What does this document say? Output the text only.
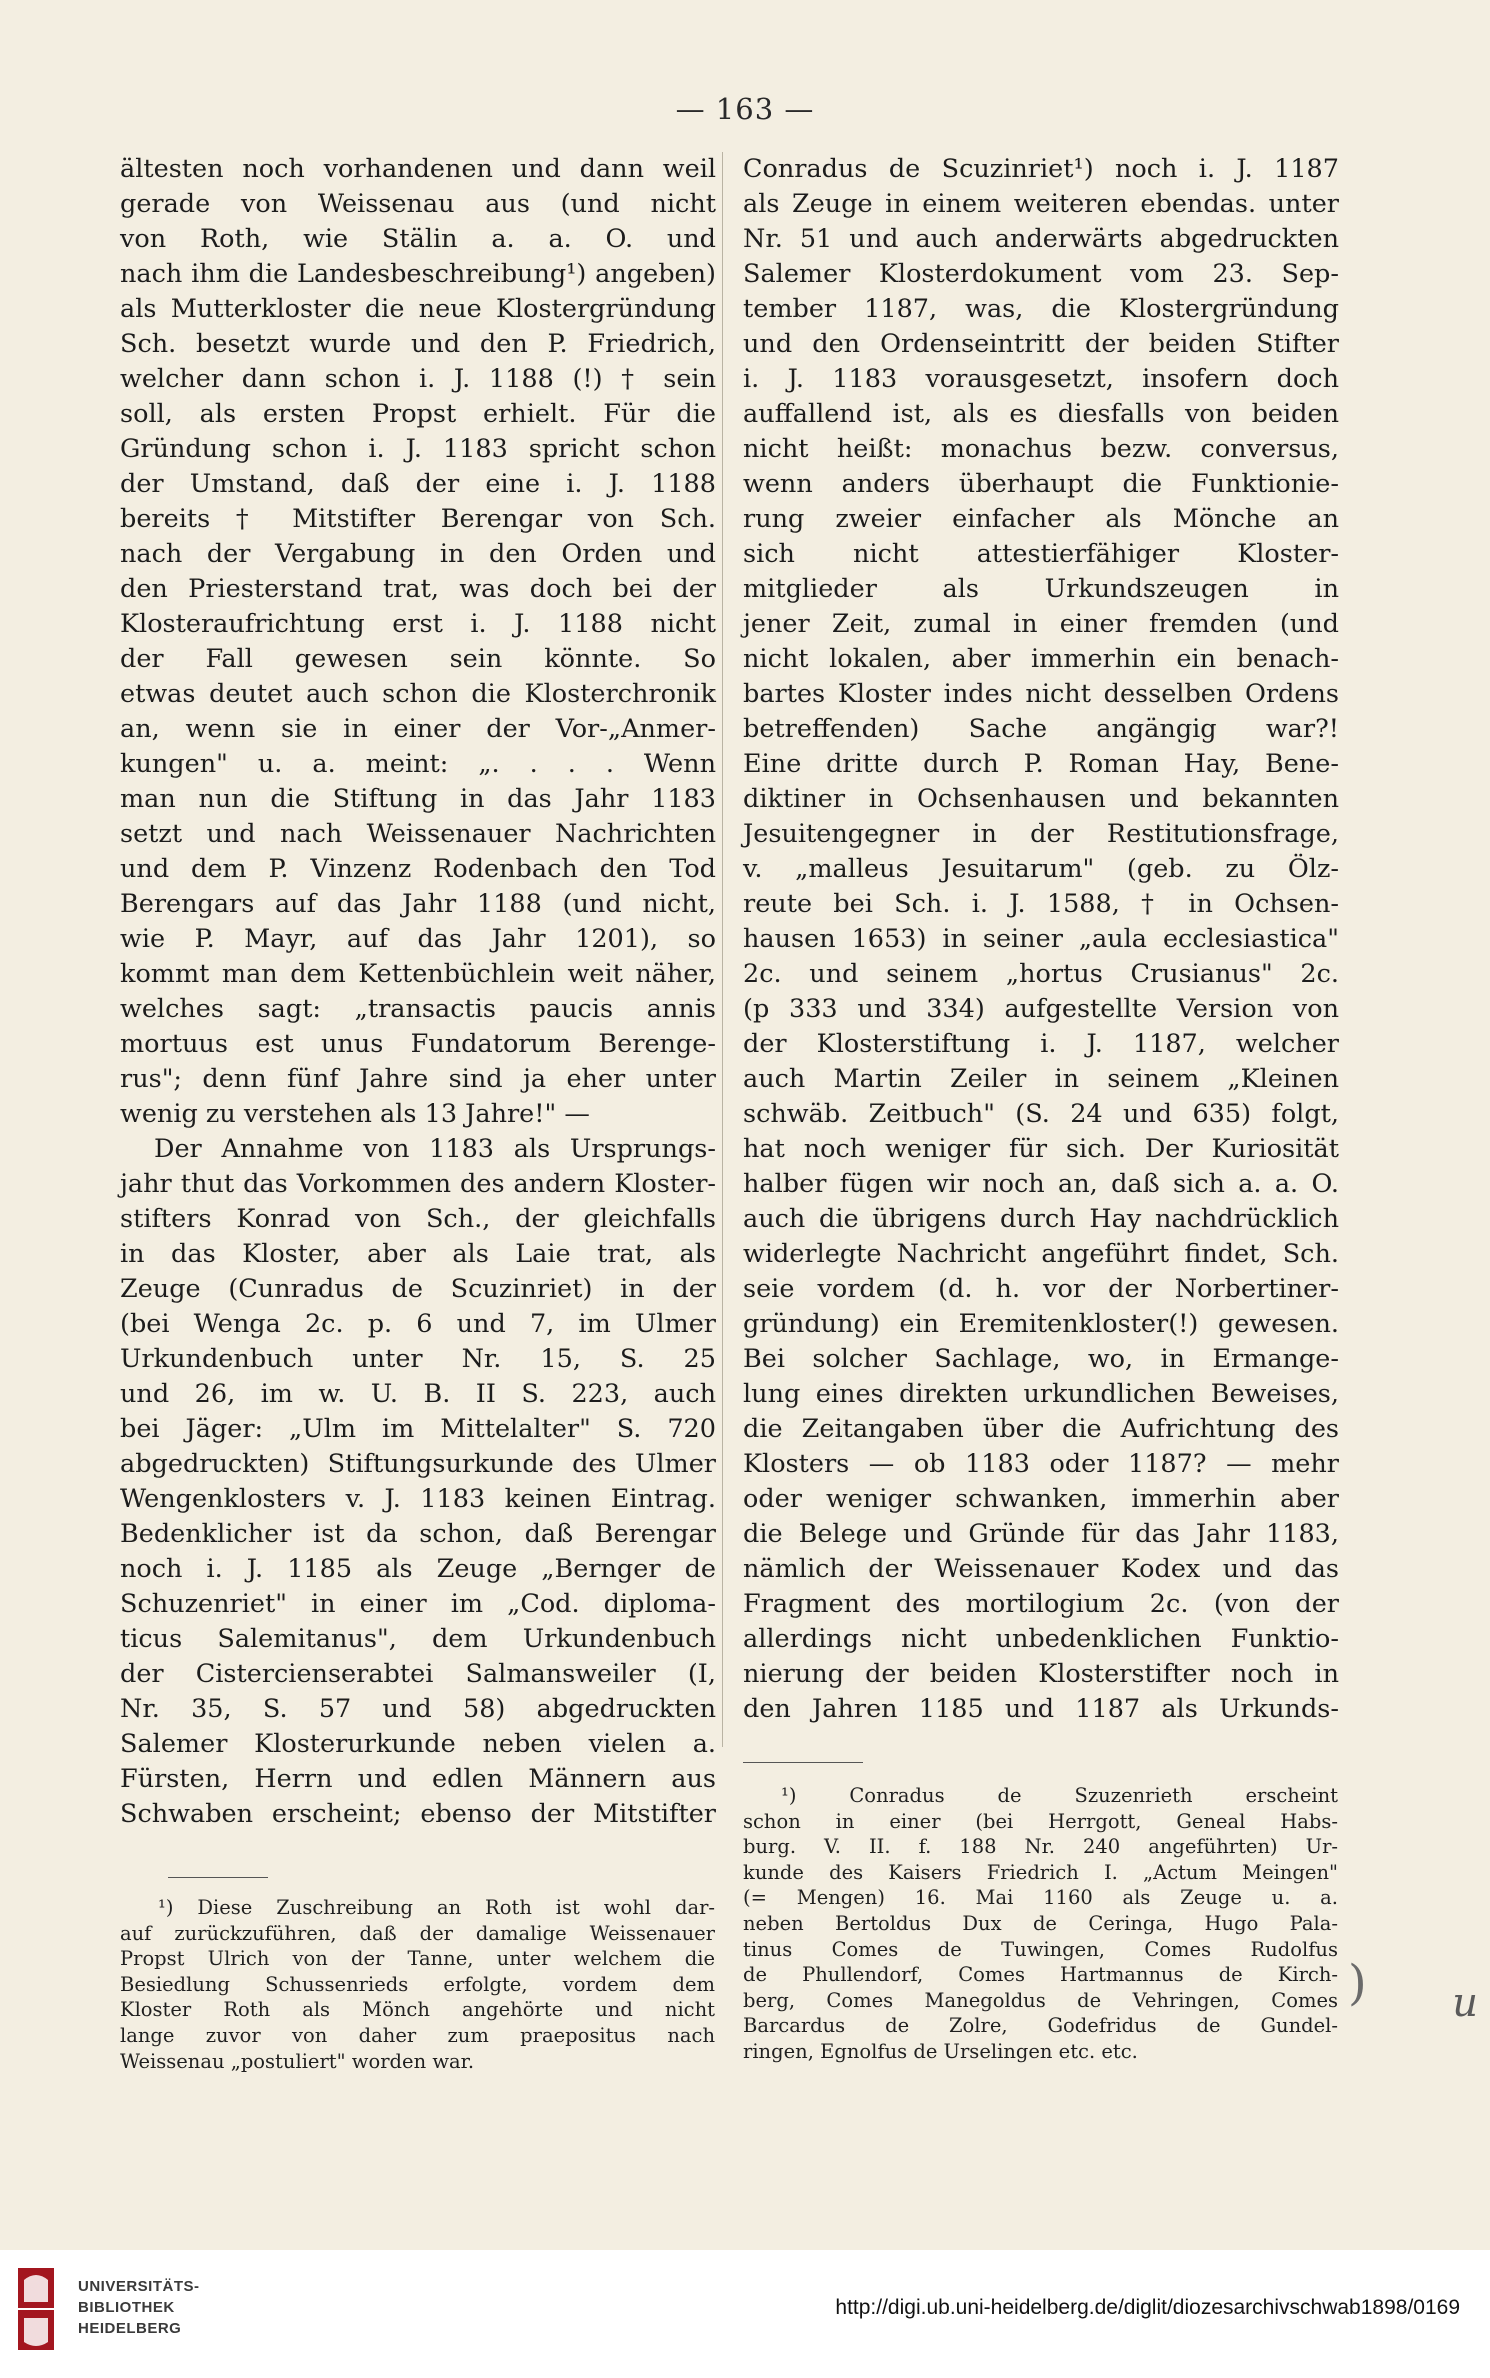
— 163 —

ältesten noch vorhandenen und dann weil

gerade von Weissenau aus (und nicht

von Roth, wie Stälin a. a. O. und

nach ihm die Landesbeschreibung¹) angeben)

als Mutterkloster die neue Klostergründung

Sch. besetzt wurde und den P. Friedrich,

welcher dann schon i. J. 1188 (!) † sein

soll, als ersten Propst erhielt. Für die

Gründung schon i. J. 1183 spricht schon

der Umstand, daß der eine i. J. 1188

bereits † Mitstifter Berengar von Sch.

nach der Vergabung in den Orden und

den Priesterstand trat, was doch bei der

Klosteraufrichtung erst i. J. 1188 nicht

der Fall gewesen sein könnte. So

etwas deutet auch schon die Klosterchronik

an, wenn sie in einer der Vor-„Anmer-

kungen" u. a. meint: „. . . . Wenn

man nun die Stiftung in das Jahr 1183

setzt und nach Weissenauer Nachrichten

und dem P. Vinzenz Rodenbach den Tod

Berengars auf das Jahr 1188 (und nicht,

wie P. Mayr, auf das Jahr 1201), so

kommt man dem Kettenbüchlein weit näher,

welches sagt: „transactis paucis annis

mortuus est unus Fundatorum Berenge-

rus"; denn fünf Jahre sind ja eher unter

wenig zu verstehen als 13 Jahre!" —

Der Annahme von 1183 als Ursprungs-

jahr thut das Vorkommen des andern Kloster-

stifters Konrad von Sch., der gleichfalls

in das Kloster, aber als Laie trat, als

Zeuge (Cunradus de Scuzinriet) in der

(bei Wenga 2c. p. 6 und 7, im Ulmer

Urkundenbuch unter Nr. 15, S. 25

und 26, im w. U. B. II S. 223, auch

bei Jäger: „Ulm im Mittelalter" S. 720

abgedruckten) Stiftungsurkunde des Ulmer

Wengenklosters v. J. 1183 keinen Eintrag.

Bedenklicher ist da schon, daß Berengar

noch i. J. 1185 als Zeuge „Bernger de

Schuzenriet" in einer im „Cod. diploma-

ticus Salemitanus", dem Urkundenbuch

der Cistercienserabtei Salmansweiler (I,

Nr. 35, S. 57 und 58) abgedruckten

Salemer Klosterurkunde neben vielen a.

Fürsten, Herrn und edlen Männern aus

Schwaben erscheint; ebenso der Mitstifter

Conradus de Scuzinriet¹) noch i. J. 1187

als Zeuge in einem weiteren ebendas. unter

Nr. 51 und auch anderwärts abgedruckten

Salemer Klosterdokument vom 23. Sep-

tember 1187, was, die Klostergründung

und den Ordenseintritt der beiden Stifter

i. J. 1183 vorausgesetzt, insofern doch

auffallend ist, als es diesfalls von beiden

nicht heißt: monachus bezw. conversus,

wenn anders überhaupt die Funktionie-

rung zweier einfacher als Mönche an

sich nicht attestierfähiger Kloster-

mitglieder als Urkundszeugen in

jener Zeit, zumal in einer fremden (und

nicht lokalen, aber immerhin ein benach-

bartes Kloster indes nicht desselben Ordens

betreffenden) Sache angängig war?!

Eine dritte durch P. Roman Hay, Bene-

diktiner in Ochsenhausen und bekannten

Jesuitengegner in der Restitutionsfrage,

v. „malleus Jesuitarum" (geb. zu Ölz-

reute bei Sch. i. J. 1588, † in Ochsen-

hausen 1653) in seiner „aula ecclesiastica"

2c. und seinem „hortus Crusianus" 2c.

(p 333 und 334) aufgestellte Version von

der Klosterstiftung i. J. 1187, welcher

auch Martin Zeiler in seinem „Kleinen

schwäb. Zeitbuch" (S. 24 und 635) folgt,

hat noch weniger für sich. Der Kuriosität

halber fügen wir noch an, daß sich a. a. O.

auch die übrigens durch Hay nachdrücklich

widerlegte Nachricht angeführt findet, Sch.

seie vordem (d. h. vor der Norbertiner-

gründung) ein Eremitenkloster(!) gewesen.

Bei solcher Sachlage, wo, in Ermange-

lung eines direkten urkundlichen Beweises,

die Zeitangaben über die Aufrichtung des

Klosters — ob 1183 oder 1187? — mehr

oder weniger schwanken, immerhin aber

die Belege und Gründe für das Jahr 1183,

nämlich der Weissenauer Kodex und das

Fragment des mortilogium 2c. (von der

allerdings nicht unbedenklichen Funktio-

nierung der beiden Klosterstifter noch in

den Jahren 1185 und 1187 als Urkunds-

¹) Diese Zuschreibung an Roth ist wohl dar-

auf zurückzuführen, daß der damalige Weissenauer

Propst Ulrich von der Tanne, unter welchem die

Besiedlung Schussenrieds erfolgte, vordem dem

Kloster Roth als Mönch angehörte und nicht

lange zuvor von daher zum praepositus nach

Weissenau „postuliert" worden war.

¹) Conradus de Szuzenrieth erscheint

schon in einer (bei Herrgott, Geneal Habs-

burg. V. II. f. 188 Nr. 240 angeführten) Ur-

kunde des Kaisers Friedrich I. „Actum Meingen"

(= Mengen) 16. Mai 1160 als Zeuge u. a.

neben Bertoldus Dux de Ceringa, Hugo Pala-

tinus Comes de Tuwingen, Comes Rudolfus

de Phullendorf, Comes Hartmannus de Kirch-

berg, Comes Manegoldus de Vehringen, Comes

Barcardus de Zolre, Godefridus de Gundel-

ringen, Egnolfus de Urselingen etc. etc.

) u
UNIVERSITÄTS-
BIBLIOTHEK
HEIDELBERG
http://digi.ub.uni-heidelberg.de/diglit/diozesarchivschwab1898/0169
